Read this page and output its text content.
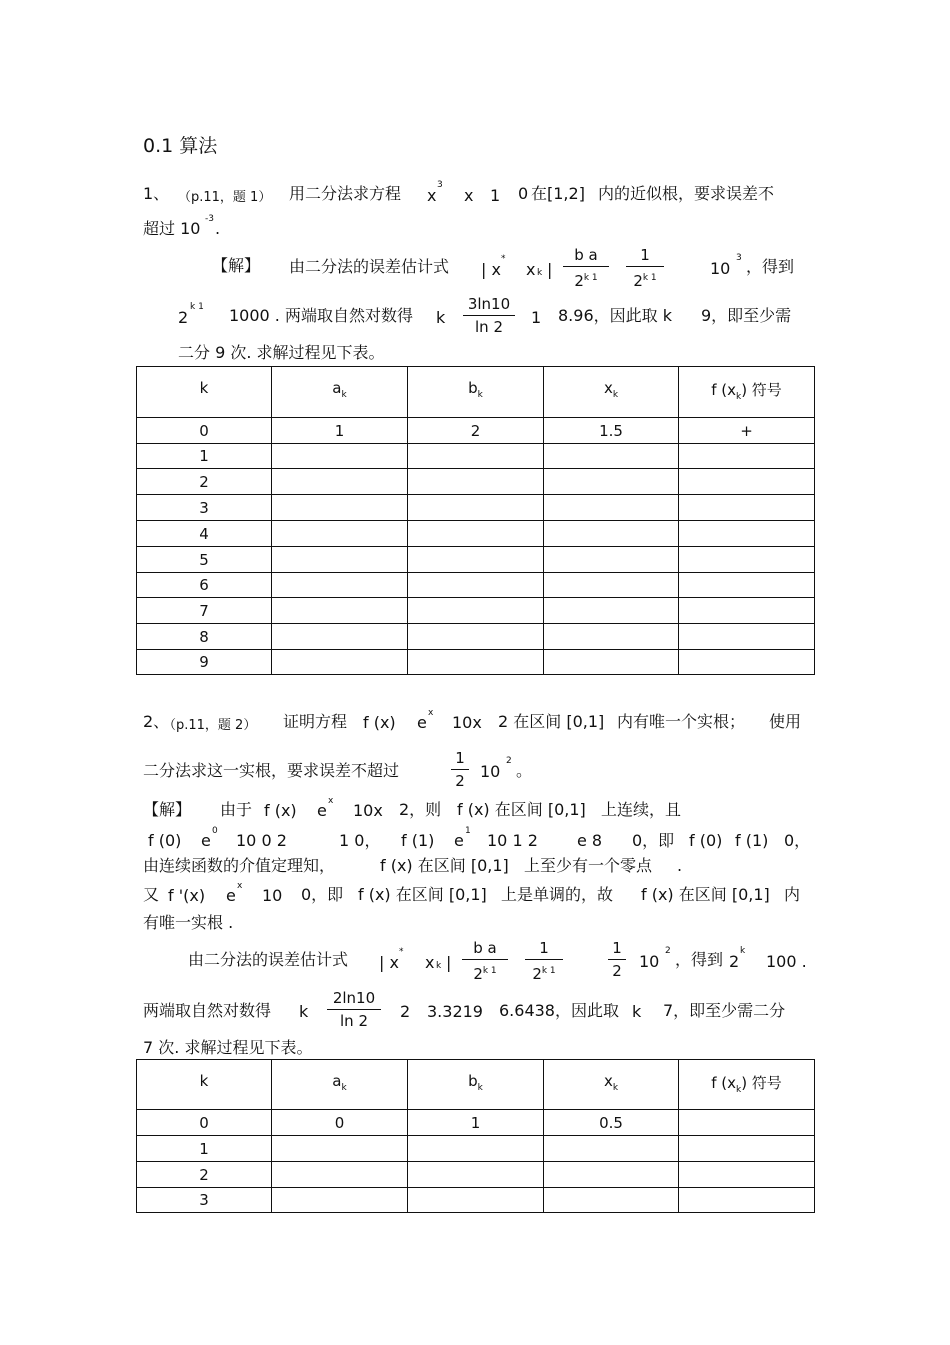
0.1 算法
1、 （p.11，题 1） 用二分法求方程 x
3
x 1 0 在[1,2] 内的近似根，要求误差不
超过 10 -3 .
【解】 由二分法的误差估计式 | x
*
x k |
b a
$2^{k 1}$
1
$2^{k 1}$	10
3 ，得到
2
k 1 1000 . 两端取自然对数得 k
3ln10
ln 2	1 8.96，因此取 k 9，即至少需
二分 9 次. 求解过程见下表。
k	$a_k$	$b_k$	$x_k$	f $(x_k)$ 符号
0	1	2	1.5	+
1				
2				
3				
4				
5				
6				
7				
8				
9				
2、
（p.11，题 2） 证明方程 f (x) e x 10x 2 在区间 [0,1] 内有唯一个实根； 使用
二分法求这一实根，要求误差不超过
1
2 10
2 。
【解】 由于 f (x) e x 10x 2，则 f (x) 在区间 [0,1] 上连续，且
f (0) e 0 10 0 2	1 0， f (1) e 1 10 1 2 e 8 0，即 f (0) f (1) 0，
由连续函数的介值定理知，	f (x) 在区间 [0,1] 上至少有一个零点 .
又 f '(x) e x 10 0，即 f (x) 在区间 [0,1] 上是单调的，故 f (x) 在区间 [0,1] 内
有唯一实根 .
由二分法的误差估计式 | x
*
x k |
b a
$2^{k 1}$
1
$2^{k 1}$
1
2 10
2 ，得到 2
k
100 .
两端取自然对数得 k
2ln10
ln 2	2 3.3219 6.6438，因此取 k 7，即至少需二分
7 次. 求解过程见下表。
k	$a_k$	$b_k$	$x_k$	f $(x_k)$ 符号
0	0	1	0.5	
1				
2				
3				
